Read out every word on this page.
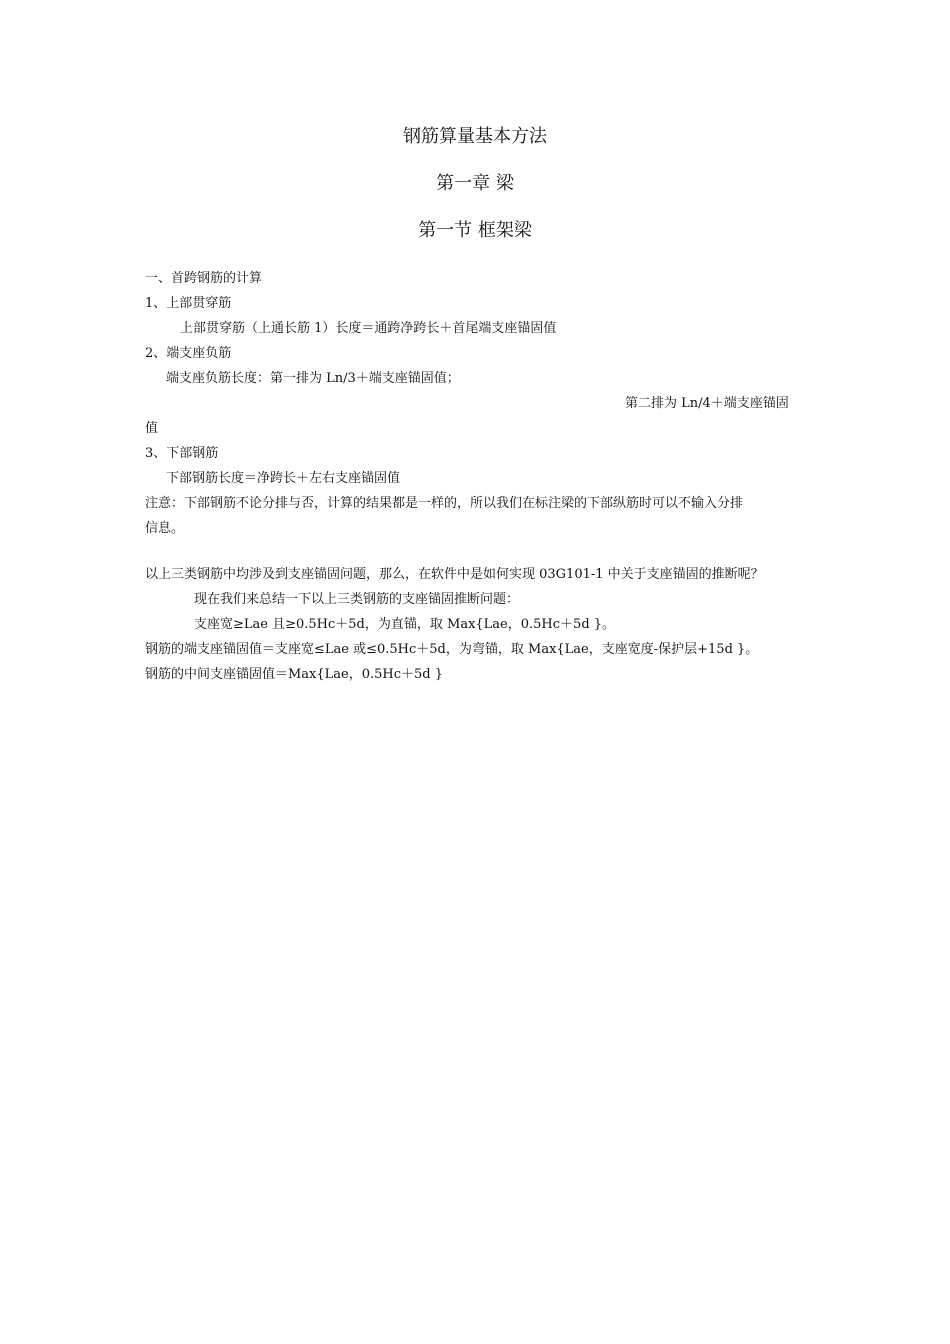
钢筋算量基本方法
第一章 梁
第一节 框架梁
一、首跨钢筋的计算
1、上部贯穿筋
上部贯穿筋（上通长筋 1）长度＝通跨净跨长＋首尾端支座锚固值
2、端支座负筋
端支座负筋长度：第一排为 Ln/3＋端支座锚固值；
第二排为 Ln/4＋端支座锚固
值
3、下部钢筋
下部钢筋长度＝净跨长＋左右支座锚固值
注意：下部钢筋不论分排与否，计算的结果都是一样的，所以我们在标注梁的下部纵筋时可以不输入分排
信息。
以上三类钢筋中均涉及到支座锚固问题，那么，在软件中是如何实现 03G101-1 中关于支座锚固的推断呢？
现在我们来总结一下以上三类钢筋的支座锚固推断问题：
支座宽≥Lae 且≥0.5Hc＋5d，为直锚，取 Max{Lae，0.5Hc＋5d }。
钢筋的端支座锚固值＝支座宽≤Lae 或≤0.5Hc＋5d，为弯锚，取 Max{Lae，支座宽度-保护层+15d }。
钢筋的中间支座锚固值＝Max{Lae，0.5Hc＋5d }
